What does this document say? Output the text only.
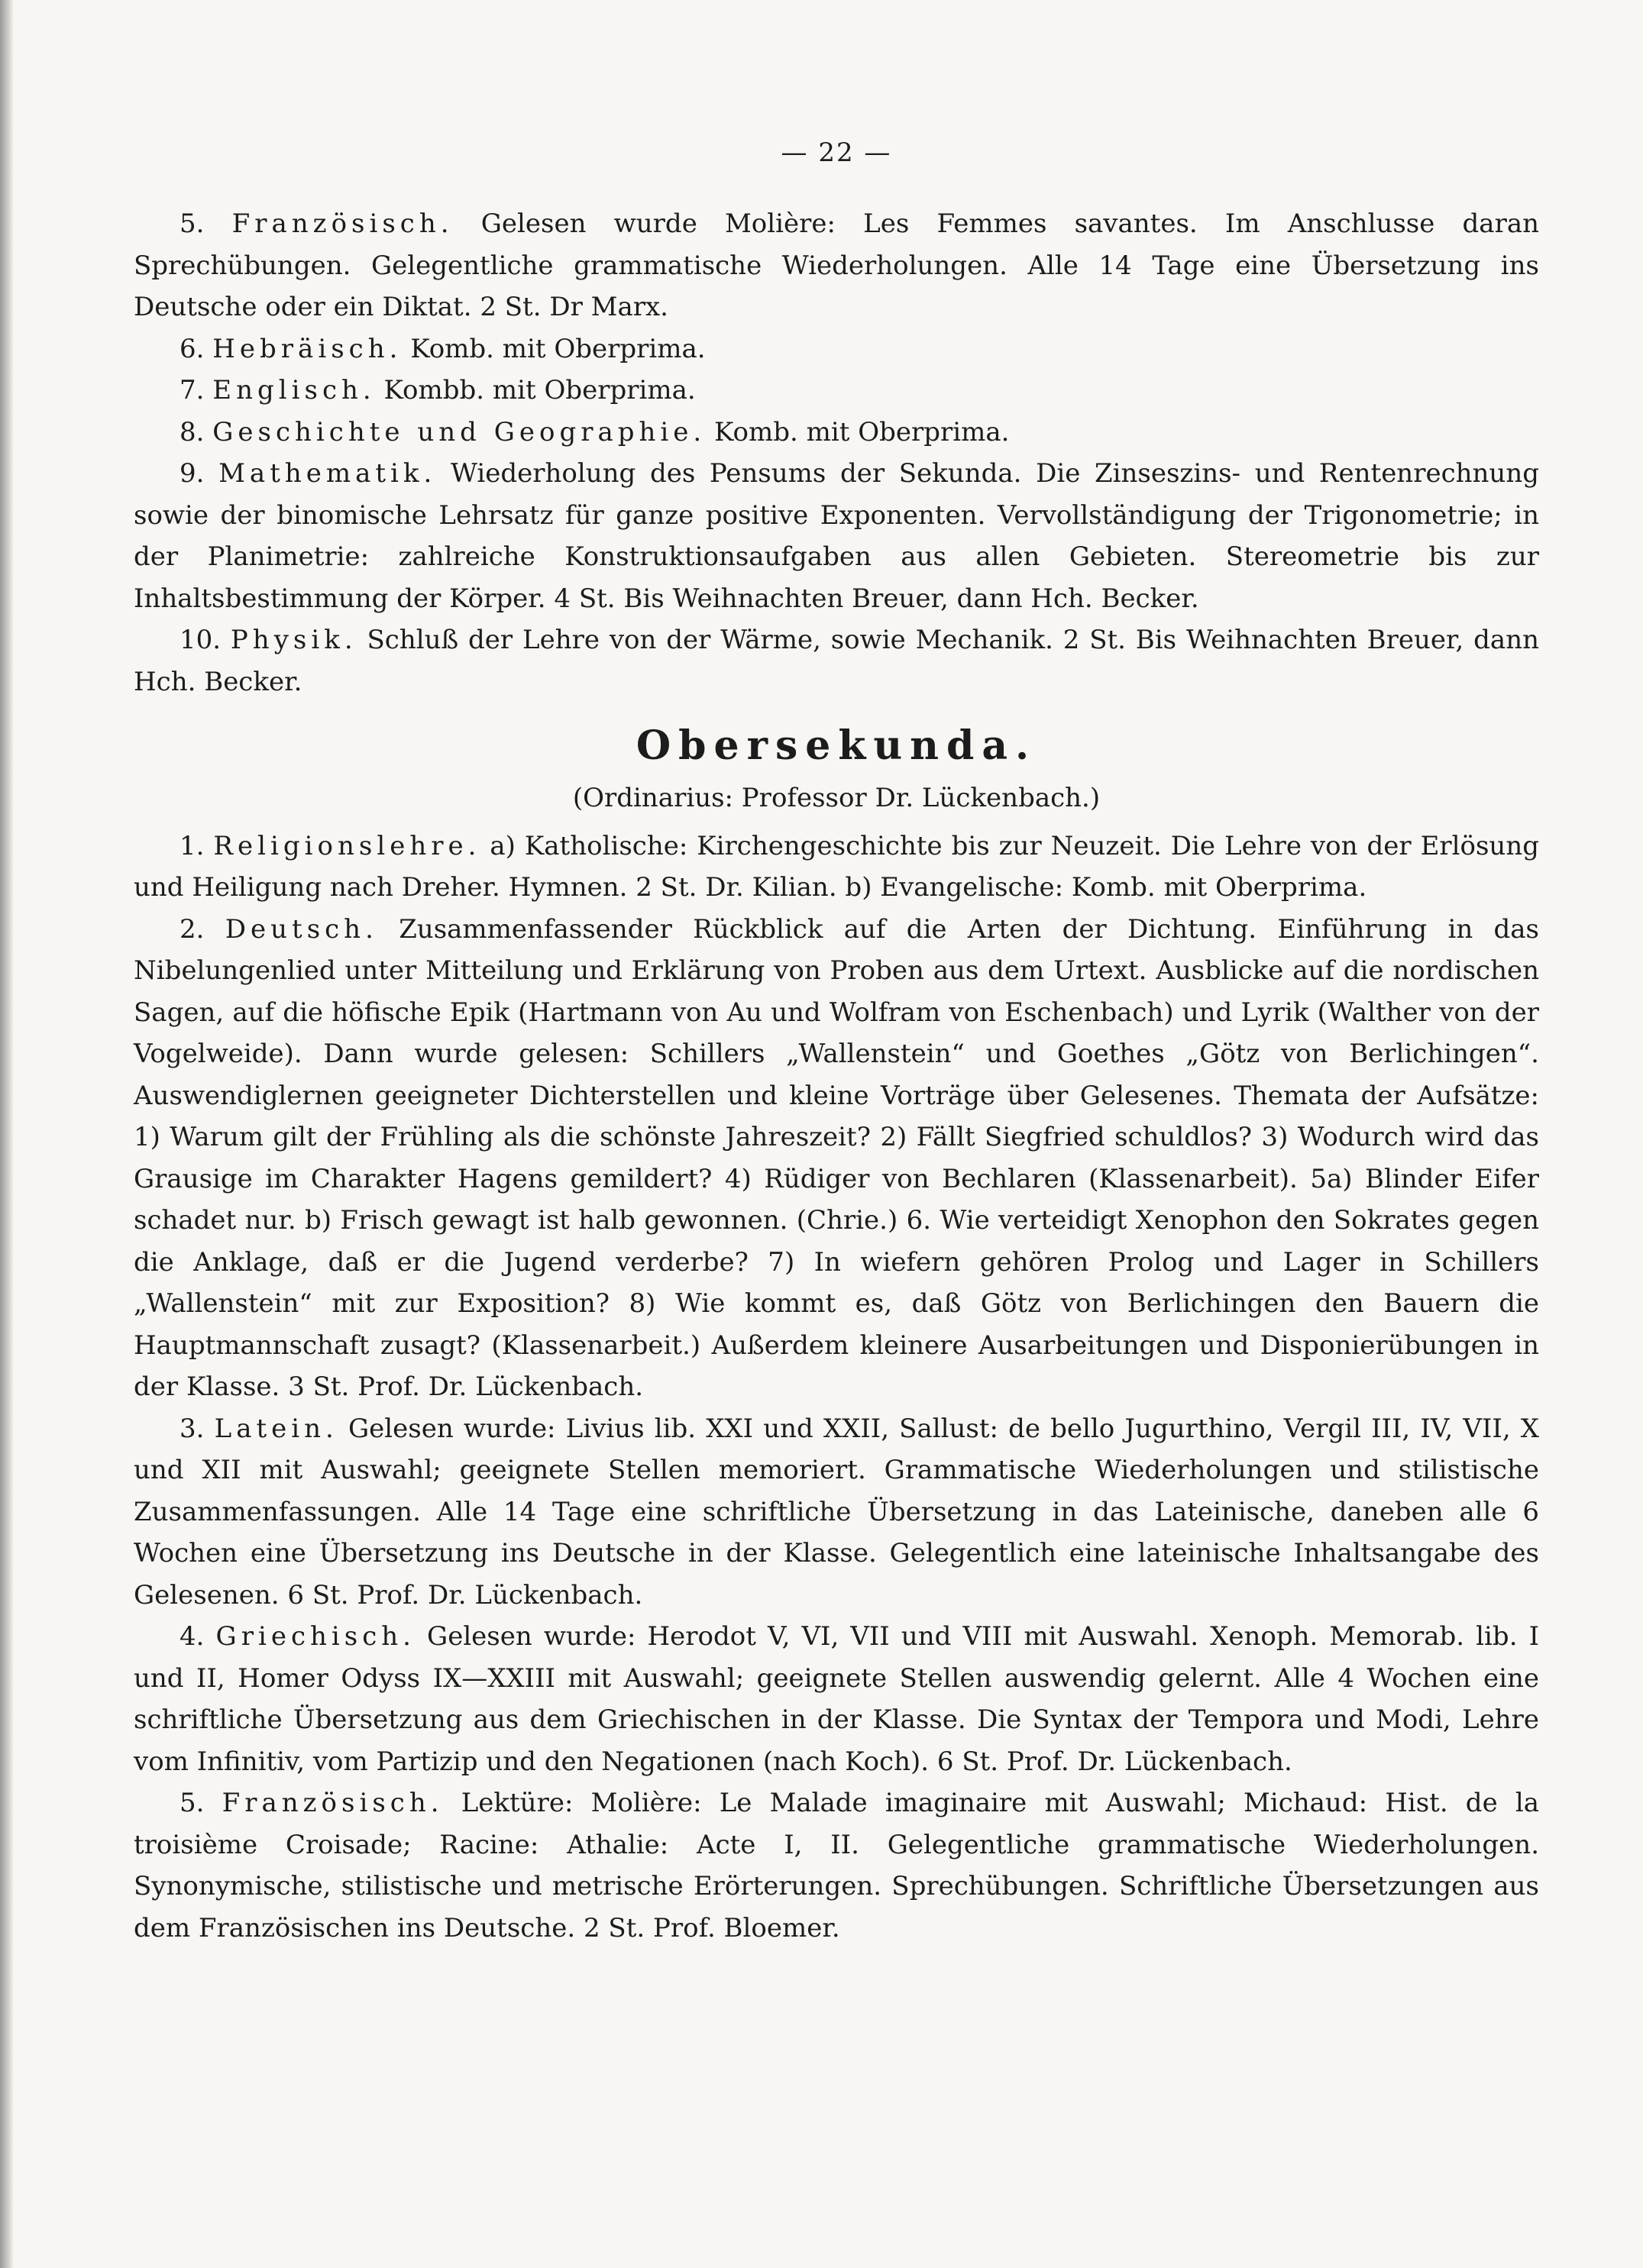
— 22 —

5. Französisch. Gelesen wurde Molière: Les Femmes savantes. Im Anschlusse daran Sprechübungen. Gelegentliche grammatische Wiederholungen. Alle 14 Tage eine Übersetzung ins Deutsche oder ein Diktat. 2 St. Dr Marx.

6. Hebräisch. Komb. mit Oberprima.

7. Englisch. Kombb. mit Oberprima.

8. Geschichte und Geographie. Komb. mit Oberprima.

9. Mathematik. Wiederholung des Pensums der Sekunda. Die Zinseszins- und Rentenrechnung sowie der binomische Lehrsatz für ganze positive Exponenten. Vervollständigung der Trigonometrie; in der Planimetrie: zahlreiche Konstruktionsaufgaben aus allen Gebieten. Stereometrie bis zur Inhaltsbestimmung der Körper. 4 St. Bis Weihnachten Breuer, dann Hch. Becker.

10. Physik. Schluß der Lehre von der Wärme, sowie Mechanik. 2 St. Bis Weihnachten Breuer, dann Hch. Becker.

Obersekunda.
(Ordinarius: Professor Dr. Lückenbach.)

1. Religionslehre. a) Katholische: Kirchengeschichte bis zur Neuzeit. Die Lehre von der Erlösung und Heiligung nach Dreher. Hymnen. 2 St. Dr. Kilian. b) Evangelische: Komb. mit Oberprima.

2. Deutsch. Zusammenfassender Rückblick auf die Arten der Dichtung. Einführung in das Nibelungenlied unter Mitteilung und Erklärung von Proben aus dem Urtext. Ausblicke auf die nordischen Sagen, auf die höfische Epik (Hartmann von Au und Wolfram von Eschenbach) und Lyrik (Walther von der Vogelweide). Dann wurde gelesen: Schillers „Wallenstein“ und Goethes „Götz von Berlichingen“. Auswendiglernen geeigneter Dichterstellen und kleine Vorträge über Gelesenes. Themata der Aufsätze: 1) Warum gilt der Frühling als die schönste Jahreszeit? 2) Fällt Siegfried schuldlos? 3) Wodurch wird das Grausige im Charakter Hagens gemildert? 4) Rüdiger von Bechlaren (Klassenarbeit). 5a) Blinder Eifer schadet nur. b) Frisch gewagt ist halb gewonnen. (Chrie.) 6. Wie verteidigt Xenophon den Sokrates gegen die Anklage, daß er die Jugend verderbe? 7) In wiefern gehören Prolog und Lager in Schillers „Wallenstein“ mit zur Exposition? 8) Wie kommt es, daß Götz von Berlichingen den Bauern die Hauptmannschaft zusagt? (Klassenarbeit.) Außerdem kleinere Ausarbeitungen und Disponierübungen in der Klasse. 3 St. Prof. Dr. Lückenbach.

3. Latein. Gelesen wurde: Livius lib. XXI und XXII, Sallust: de bello Jugurthino, Vergil III, IV, VII, X und XII mit Auswahl; geeignete Stellen memoriert. Grammatische Wiederholungen und stilistische Zusammenfassungen. Alle 14 Tage eine schriftliche Übersetzung in das Lateinische, daneben alle 6 Wochen eine Übersetzung ins Deutsche in der Klasse. Gelegentlich eine lateinische Inhaltsangabe des Gelesenen. 6 St. Prof. Dr. Lückenbach.

4. Griechisch. Gelesen wurde: Herodot V, VI, VII und VIII mit Auswahl. Xenoph. Memorab. lib. I und II, Homer Odyss IX—XXIII mit Auswahl; geeignete Stellen auswendig gelernt. Alle 4 Wochen eine schriftliche Übersetzung aus dem Griechischen in der Klasse. Die Syntax der Tempora und Modi, Lehre vom Infinitiv, vom Partizip und den Negationen (nach Koch). 6 St. Prof. Dr. Lückenbach.

5. Französisch. Lektüre: Molière: Le Malade imaginaire mit Auswahl; Michaud: Hist. de la troisième Croisade; Racine: Athalie: Acte I, II. Gelegentliche grammatische Wiederholungen. Synonymische, stilistische und metrische Erörterungen. Sprechübungen. Schriftliche Übersetzungen aus dem Französischen ins Deutsche. 2 St. Prof. Bloemer.
